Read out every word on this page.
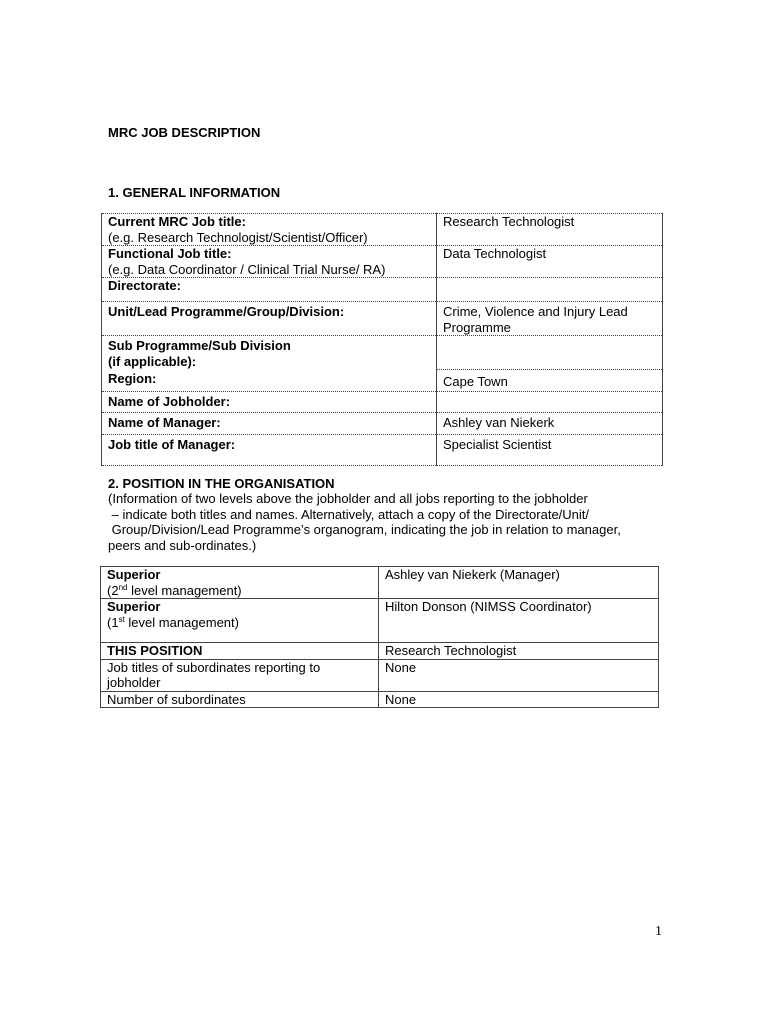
MRC JOB DESCRIPTION
1. GENERAL INFORMATION
Current MRC Job title:
(e.g. Research Technologist/Scientist/Officer)	Research Technologist

Functional Job title:
(e.g. Data Coordinator / Clinical Trial Nurse/ RA)	Data Technologist
Directorate:	
Unit/Lead Programme/Group/Division:	Crime, Violence and Injury Lead
Programme

Sub Programme/Sub Division
(if applicable):	

Region:	Cape Town
Name of Jobholder:	
Name of Manager:	Ashley van Niekerk
Job title of Manager:	Specialist Scientist
2. POSITION IN THE ORGANISATION
(Information of two levels above the jobholder and all jobs reporting to the jobholder
– indicate both titles and names. Alternatively, attach a copy of the Directorate/Unit/
Group/Division/Lead Programme’s organogram, indicating the job in relation to manager,
peers and sub-ordinates.)
Superior
(2nd level management)	Ashley van Niekerk (Manager)

Superior
(1st level management)	Hilton Donson (NIMSS Coordinator)
THIS POSITION	Research Technologist

Job titles of subordinates reporting to
jobholder	None
Number of subordinates	None
1
